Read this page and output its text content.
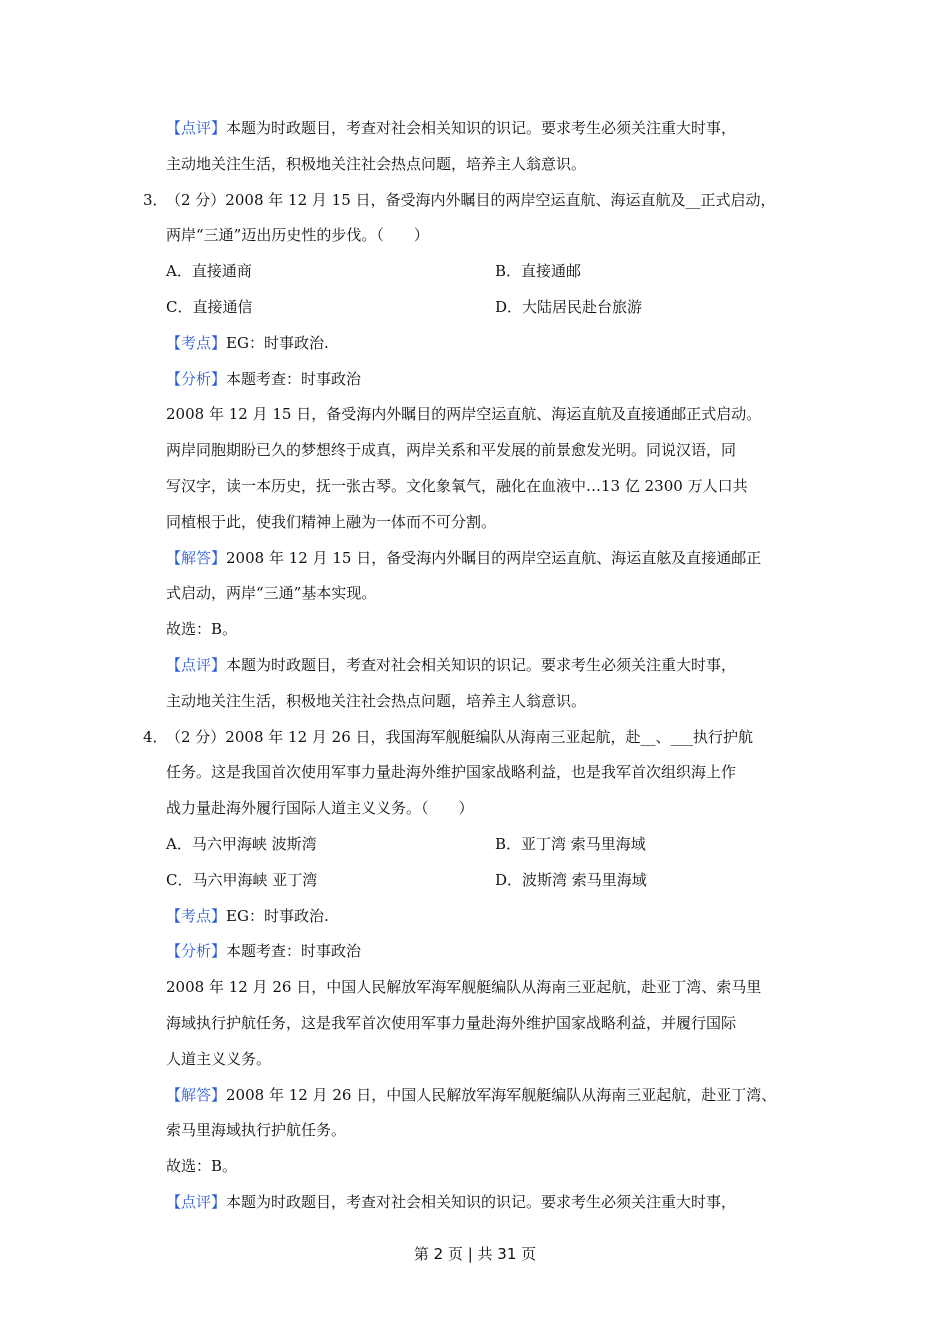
【点评】本题为时政题目，考查对社会相关知识的识记。要求考生必须关注重大时事，
主动地关注生活，积极地关注社会热点问题，培养主人翁意识。
3．
（2 分）2008 年 12 月 15 日，备受海内外瞩目的两岸空运直航、海运直航及__正式启动，
两岸“三通”迈出历史性的步伐。（　　）
A．直接通商	B．直接通邮
C．直接通信	D．大陆居民赴台旅游
【考点】EG：时事政治.
【分析】本题考查：时事政治
2008 年 12 月 15 日，备受海内外瞩目的两岸空运直航、海运直航及直接通邮正式启动。
两岸同胞期盼已久的梦想终于成真，两岸关系和平发展的前景愈发光明。同说汉语，同
写汉字，读一本历史，抚一张古琴。文化象氧气，融化在血液中…13 亿 2300 万人口共
同植根于此，使我们精神上融为一体而不可分割。
【解答】2008 年 12 月 15 日，备受海内外瞩目的两岸空运直航、海运直舷及直接通邮正
式启动，两岸“三通”基本实现。
故选：B。
【点评】本题为时政题目，考查对社会相关知识的识记。要求考生必须关注重大时事，
主动地关注生活，积极地关注社会热点问题，培养主人翁意识。
4．
（2 分）2008 年 12 月 26 日，我国海军舰艇编队从海南三亚起航，赴__、___执行护航
任务。这是我国首次使用军事力量赴海外维护国家战略利益，也是我军首次组织海上作
战力量赴海外履行国际人道主义义务。（　　）
A．马六甲海峡 波斯湾	B．亚丁湾 索马里海域
C．马六甲海峡 亚丁湾	D．波斯湾 索马里海域
【考点】EG：时事政治.
【分析】本题考查：时事政治
2008 年 12 月 26 日，中国人民解放军海军舰艇编队从海南三亚起航，赴亚丁湾、索马里
海域执行护航任务，这是我军首次使用军事力量赴海外维护国家战略利益，并履行国际
人道主义义务。
【解答】2008 年 12 月 26 日，中国人民解放军海军舰艇编队从海南三亚起航，赴亚丁湾、
索马里海域执行护航任务。
故选：B。
【点评】本题为时政题目，考查对社会相关知识的识记。要求考生必须关注重大时事，
第 2 页 | 共 31 页
